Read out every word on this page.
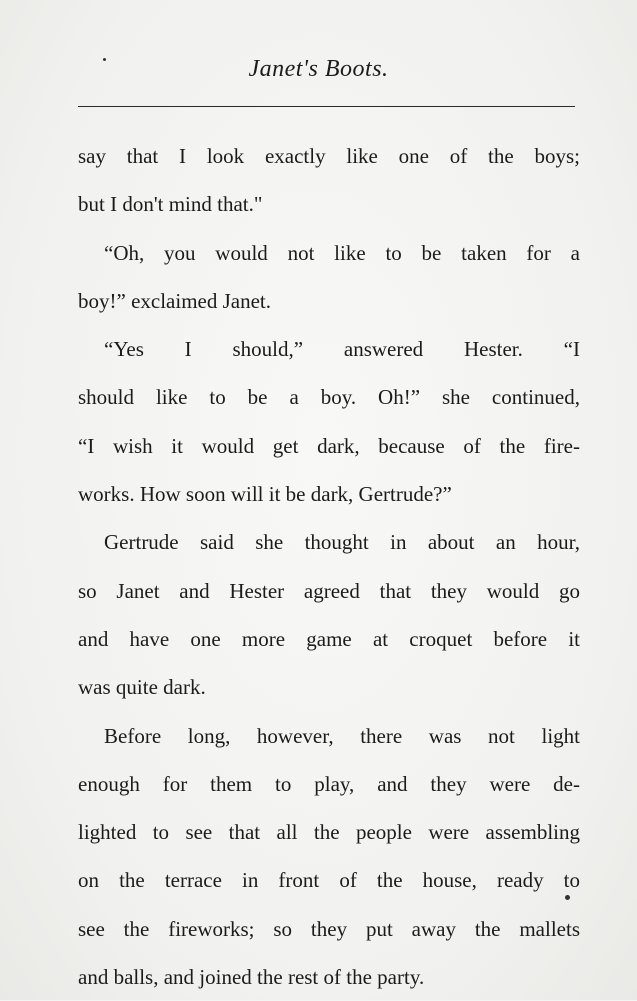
Janet's Boots.
say that I look exactly like one of the boys;
but I don't mind that."
“Oh, you would not like to be taken for a
boy!” exclaimed Janet.
“Yes I should,” answered Hester. “I
should like to be a boy. Oh!” she continued,
“I wish it would get dark, because of the fire-
works. How soon will it be dark, Gertrude?”
Gertrude said she thought in about an hour,
so Janet and Hester agreed that they would go
and have one more game at croquet before it
was quite dark.
Before long, however, there was not light
enough for them to play, and they were de-
lighted to see that all the people were assembling
on the terrace in front of the house, ready to
see the fireworks; so they put away the mallets
and balls, and joined the rest of the party.
